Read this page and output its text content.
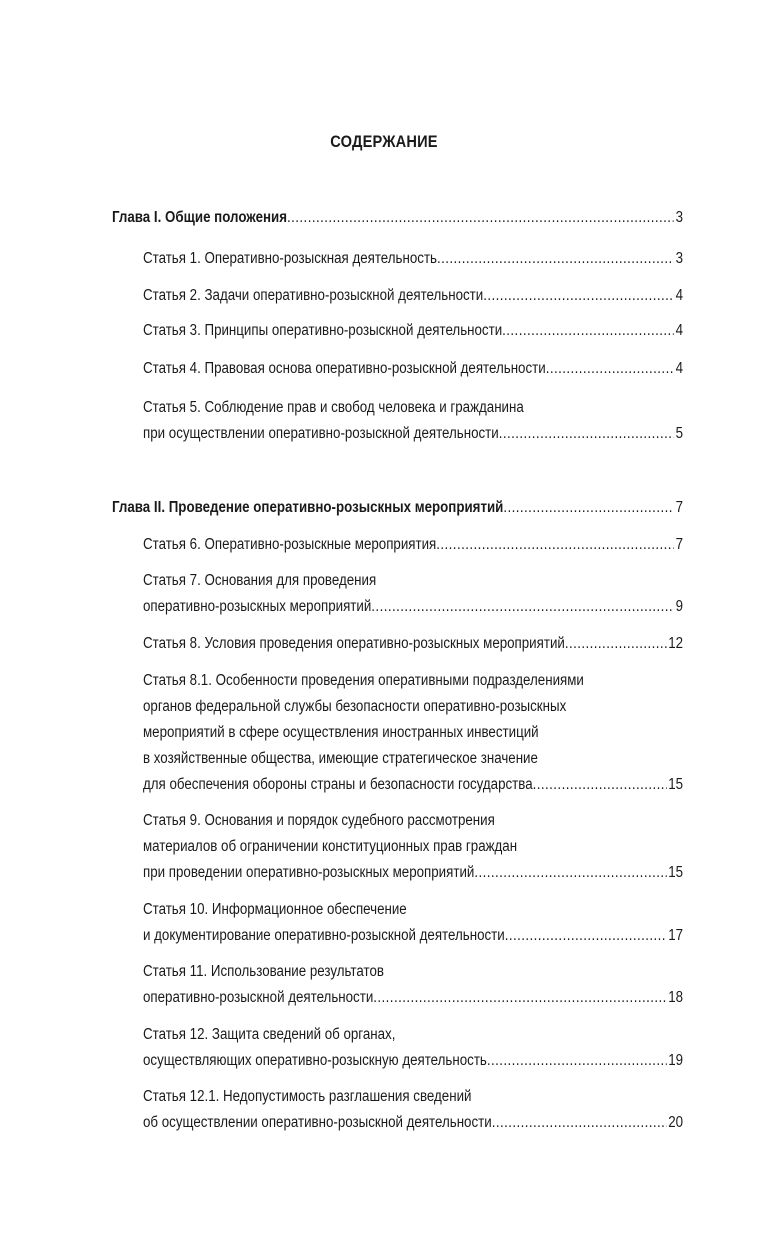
СОДЕРЖАНИЕ
Глава I. Общие положения .....	3
Статья 1. Оперативно-розыскная деятельность .....	3
Статья 2. Задачи оперативно-розыскной деятельности .....	4
Статья 3. Принципы оперативно-розыскной деятельности .....	4
Статья 4. Правовая основа оперативно-розыскной деятельности .....	4
Статья 5. Соблюдение прав и свобод человека и гражданина
при осуществлении оперативно-розыскной деятельности .....	5
Глава II. Проведение оперативно-розыскных мероприятий .....	7
Статья 6. Оперативно-розыскные мероприятия .....	7
Статья 7. Основания для проведения
оперативно-розыскных мероприятий .....	9
Статья 8. Условия проведения оперативно-розыскных мероприятий .....	12
Статья 8.1. Особенности проведения оперативными подразделениями
органов федеральной службы безопасности оперативно-розыскных
мероприятий в сфере осуществления иностранных инвестиций
в хозяйственные общества, имеющие стратегическое значение
для обеспечения обороны страны и безопасности государства .....	15
Статья 9. Основания и порядок судебного рассмотрения
материалов об ограничении конституционных прав граждан
при проведении оперативно-розыскных мероприятий .....	15
Статья 10. Информационное обеспечение
и документирование оперативно-розыскной деятельности .....	17
Статья 11. Использование результатов
оперативно-розыскной деятельности .....	18
Статья 12. Защита сведений об органах,
осуществляющих оперативно-розыскную деятельность .....	19
Статья 12.1. Недопустимость разглашения сведений
об осуществлении оперативно-розыскной деятельности .....	20
